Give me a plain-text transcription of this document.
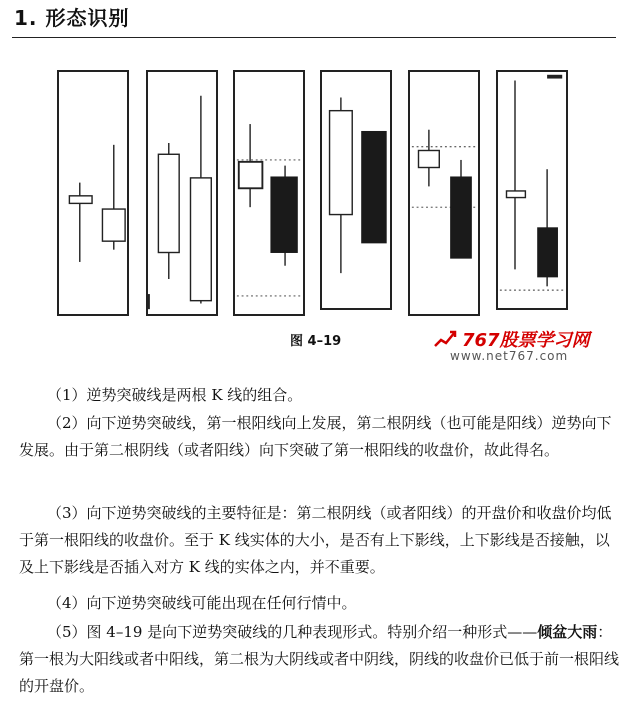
1. 形态识别
图 4–19	767股票学习网
www.net767.com
（1）逆势突破线是两根 K 线的组合。
（2）向下逆势突破线，第一根阳线向上发展，第二根阴线（也可能是阳线）逆势向下发展。由于第二根阴线（或者阳线）向下突破了第一根阳线的收盘价，故此得名。
（3）向下逆势突破线的主要特征是：第二根阴线（或者阳线）的开盘价和收盘价均低于第一根阳线的收盘价。至于 K 线实体的大小，是否有上下影线，上下影线是否接触，以及上下影线是否插入对方 K 线的实体之内，并不重要。
（4）向下逆势突破线可能出现在任何行情中。
（5）图 4–19 是向下逆势突破线的几种表现形式。特别介绍一种形式——倾盆大雨：第一根为大阳线或者中阳线，第二根为大阴线或者中阴线，阴线的收盘价已低于前一根阳线的开盘价。
